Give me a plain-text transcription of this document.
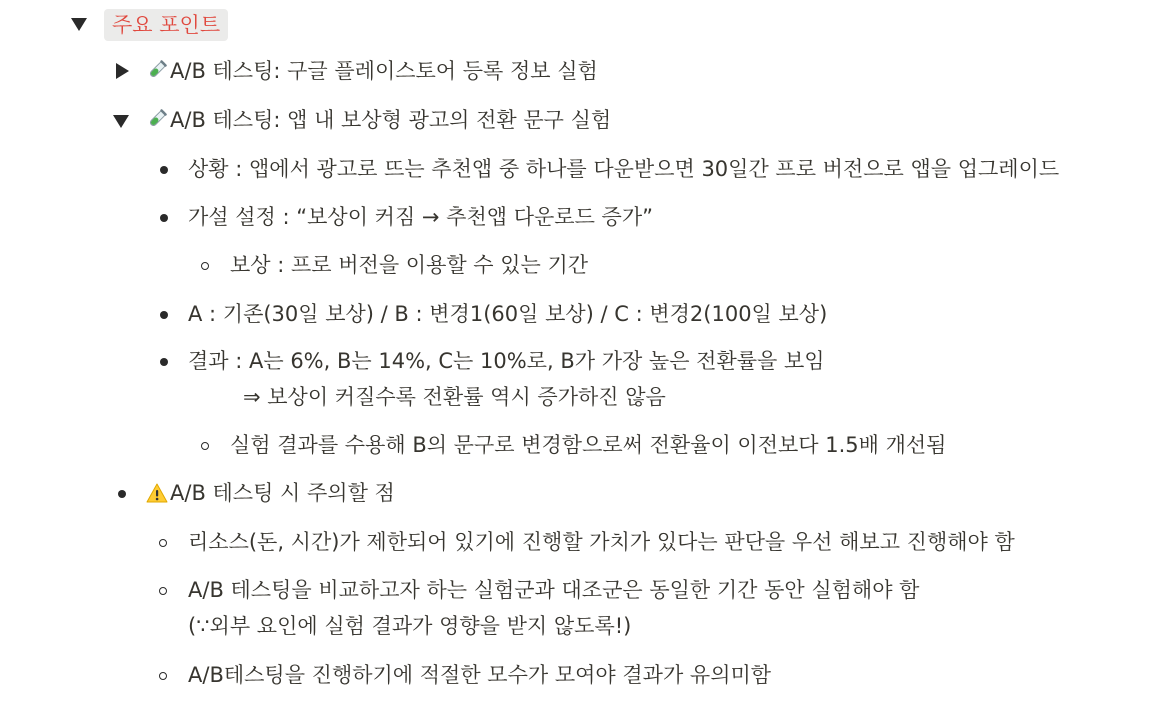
주요 포인트
A/B 테스팅: 구글 플레이스토어 등록 정보 실험
A/B 테스팅: 앱 내 보상형 광고의 전환 문구 실험
상황 : 앱에서 광고로 뜨는 추천앱 중 하나를 다운받으면 30일간 프로 버전으로 앱을 업그레이드
가설 설정 : “보상이 커짐 → 추천앱 다운로드 증가”
보상 : 프로 버전을 이용할 수 있는 기간
A : 기존(30일 보상) / B : 변경1(60일 보상) / C : 변경2(100일 보상)
결과 : A는 6%, B는 14%, C는 10%로, B가 가장 높은 전환률을 보임
⇒ 보상이 커질수록 전환률 역시 증가하진 않음
실험 결과를 수용해 B의 문구로 변경함으로써 전환율이 이전보다 1.5배 개선됨
A/B 테스팅 시 주의할 점
리소스(돈, 시간)가 제한되어 있기에 진행할 가치가 있다는 판단을 우선 해보고 진행해야 함
A/B 테스팅을 비교하고자 하는 실험군과 대조군은 동일한 기간 동안 실험해야 함
(∵외부 요인에 실험 결과가 영향을 받지 않도록!)
A/B테스팅을 진행하기에 적절한 모수가 모여야 결과가 유의미함
